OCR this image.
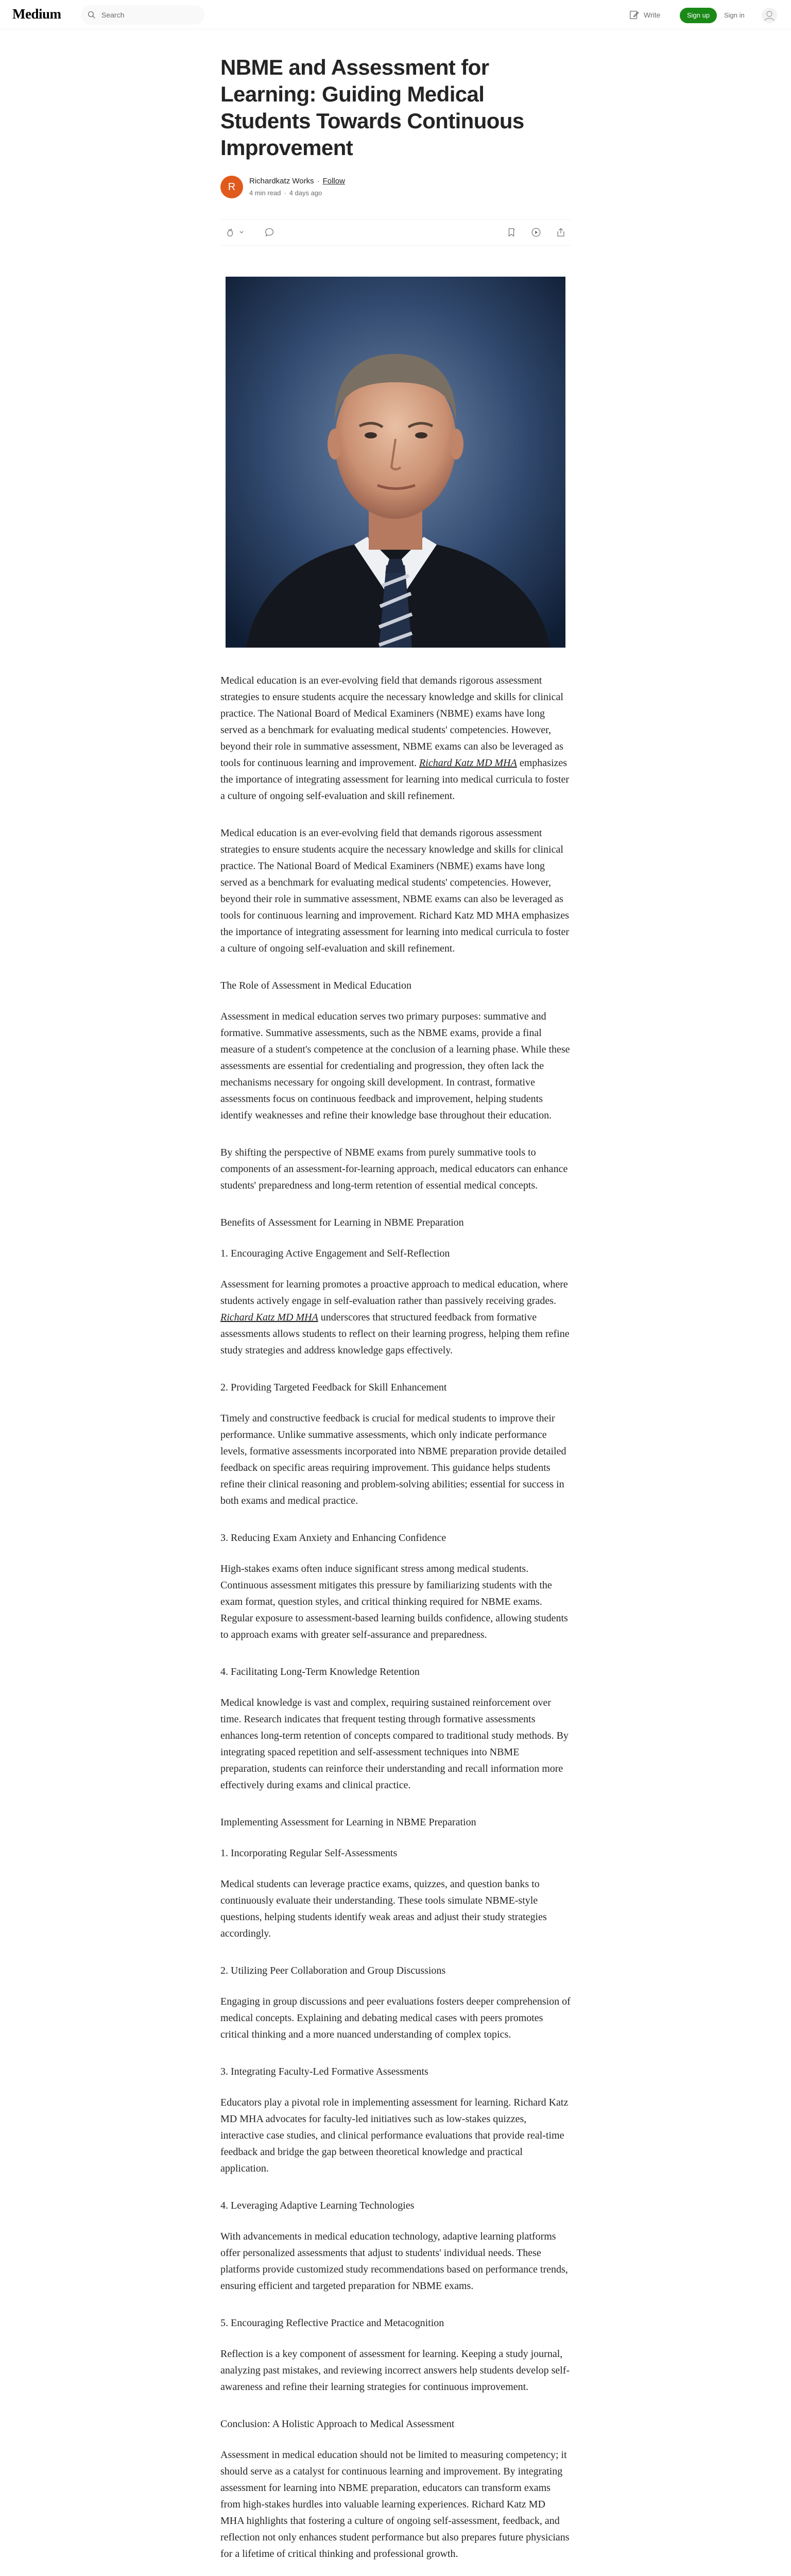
Medium
Search	Write	Sign up	Sign in
NBME and Assessment for Learning: Guiding Medical Students Towards Continuous Improvement
R
Richardkatz Works · Follow
4 min read · 4 days ago

Medical education is an ever-evolving field that demands rigorous assessment strategies to ensure students acquire the necessary knowledge and skills for clinical practice. The National Board of Medical Examiners (NBME) exams have long served as a benchmark for evaluating medical students' competencies. However, beyond their role in summative assessment, NBME exams can also be leveraged as tools for continuous learning and improvement. Richard Katz MD MHA emphasizes the importance of integrating assessment for learning into medical curricula to foster a culture of ongoing self-evaluation and skill refinement.

Medical education is an ever-evolving field that demands rigorous assessment strategies to ensure students acquire the necessary knowledge and skills for clinical practice. The National Board of Medical Examiners (NBME) exams have long served as a benchmark for evaluating medical students' competencies. However, beyond their role in summative assessment, NBME exams can also be leveraged as tools for continuous learning and improvement. Richard Katz MD MHA emphasizes the importance of integrating assessment for learning into medical curricula to foster a culture of ongoing self-evaluation and skill refinement.

The Role of Assessment in Medical Education

Assessment in medical education serves two primary purposes: summative and formative. Summative assessments, such as the NBME exams, provide a final measure of a student's competence at the conclusion of a learning phase. While these assessments are essential for credentialing and progression, they often lack the mechanisms necessary for ongoing skill development. In contrast, formative assessments focus on continuous feedback and improvement, helping students identify weaknesses and refine their knowledge base throughout their education.

By shifting the perspective of NBME exams from purely summative tools to components of an assessment-for-learning approach, medical educators can enhance students' preparedness and long-term retention of essential medical concepts.

Benefits of Assessment for Learning in NBME Preparation

1. Encouraging Active Engagement and Self-Reflection

Assessment for learning promotes a proactive approach to medical education, where students actively engage in self-evaluation rather than passively receiving grades. Richard Katz MD MHA underscores that structured feedback from formative assessments allows students to reflect on their learning progress, helping them refine study strategies and address knowledge gaps effectively.

2. Providing Targeted Feedback for Skill Enhancement

Timely and constructive feedback is crucial for medical students to improve their performance. Unlike summative assessments, which only indicate performance levels, formative assessments incorporated into NBME preparation provide detailed feedback on specific areas requiring improvement. This guidance helps students refine their clinical reasoning and problem-solving abilities; essential for success in both exams and medical practice.

3. Reducing Exam Anxiety and Enhancing Confidence

High-stakes exams often induce significant stress among medical students. Continuous assessment mitigates this pressure by familiarizing students with the exam format, question styles, and critical thinking required for NBME exams. Regular exposure to assessment-based learning builds confidence, allowing students to approach exams with greater self-assurance and preparedness.

4. Facilitating Long-Term Knowledge Retention

Medical knowledge is vast and complex, requiring sustained reinforcement over time. Research indicates that frequent testing through formative assessments enhances long-term retention of concepts compared to traditional study methods. By integrating spaced repetition and self-assessment techniques into NBME preparation, students can reinforce their understanding and recall information more effectively during exams and clinical practice.

Implementing Assessment for Learning in NBME Preparation

1. Incorporating Regular Self-Assessments

Medical students can leverage practice exams, quizzes, and question banks to continuously evaluate their understanding. These tools simulate NBME-style questions, helping students identify weak areas and adjust their study strategies accordingly.

2. Utilizing Peer Collaboration and Group Discussions

Engaging in group discussions and peer evaluations fosters deeper comprehension of medical concepts. Explaining and debating medical cases with peers promotes critical thinking and a more nuanced understanding of complex topics.

3. Integrating Faculty-Led Formative Assessments

Educators play a pivotal role in implementing assessment for learning. Richard Katz MD MHA advocates for faculty-led initiatives such as low-stakes quizzes, interactive case studies, and clinical performance evaluations that provide real-time feedback and bridge the gap between theoretical knowledge and practical application.

4. Leveraging Adaptive Learning Technologies

With advancements in medical education technology, adaptive learning platforms offer personalized assessments that adjust to students' individual needs. These platforms provide customized study recommendations based on performance trends, ensuring efficient and targeted preparation for NBME exams.

5. Encouraging Reflective Practice and Metacognition

Reflection is a key component of assessment for learning. Keeping a study journal, analyzing past mistakes, and reviewing incorrect answers help students develop self-awareness and refine their learning strategies for continuous improvement.

Conclusion: A Holistic Approach to Medical Assessment

Assessment in medical education should not be limited to measuring competency; it should serve as a catalyst for continuous learning and improvement. By integrating assessment for learning into NBME preparation, educators can transform exams from high-stakes hurdles into valuable learning experiences. Richard Katz MD MHA highlights that fostering a culture of ongoing self-assessment, feedback, and reflection not only enhances student performance but also prepares future physicians for a lifetime of critical thinking and professional growth.
